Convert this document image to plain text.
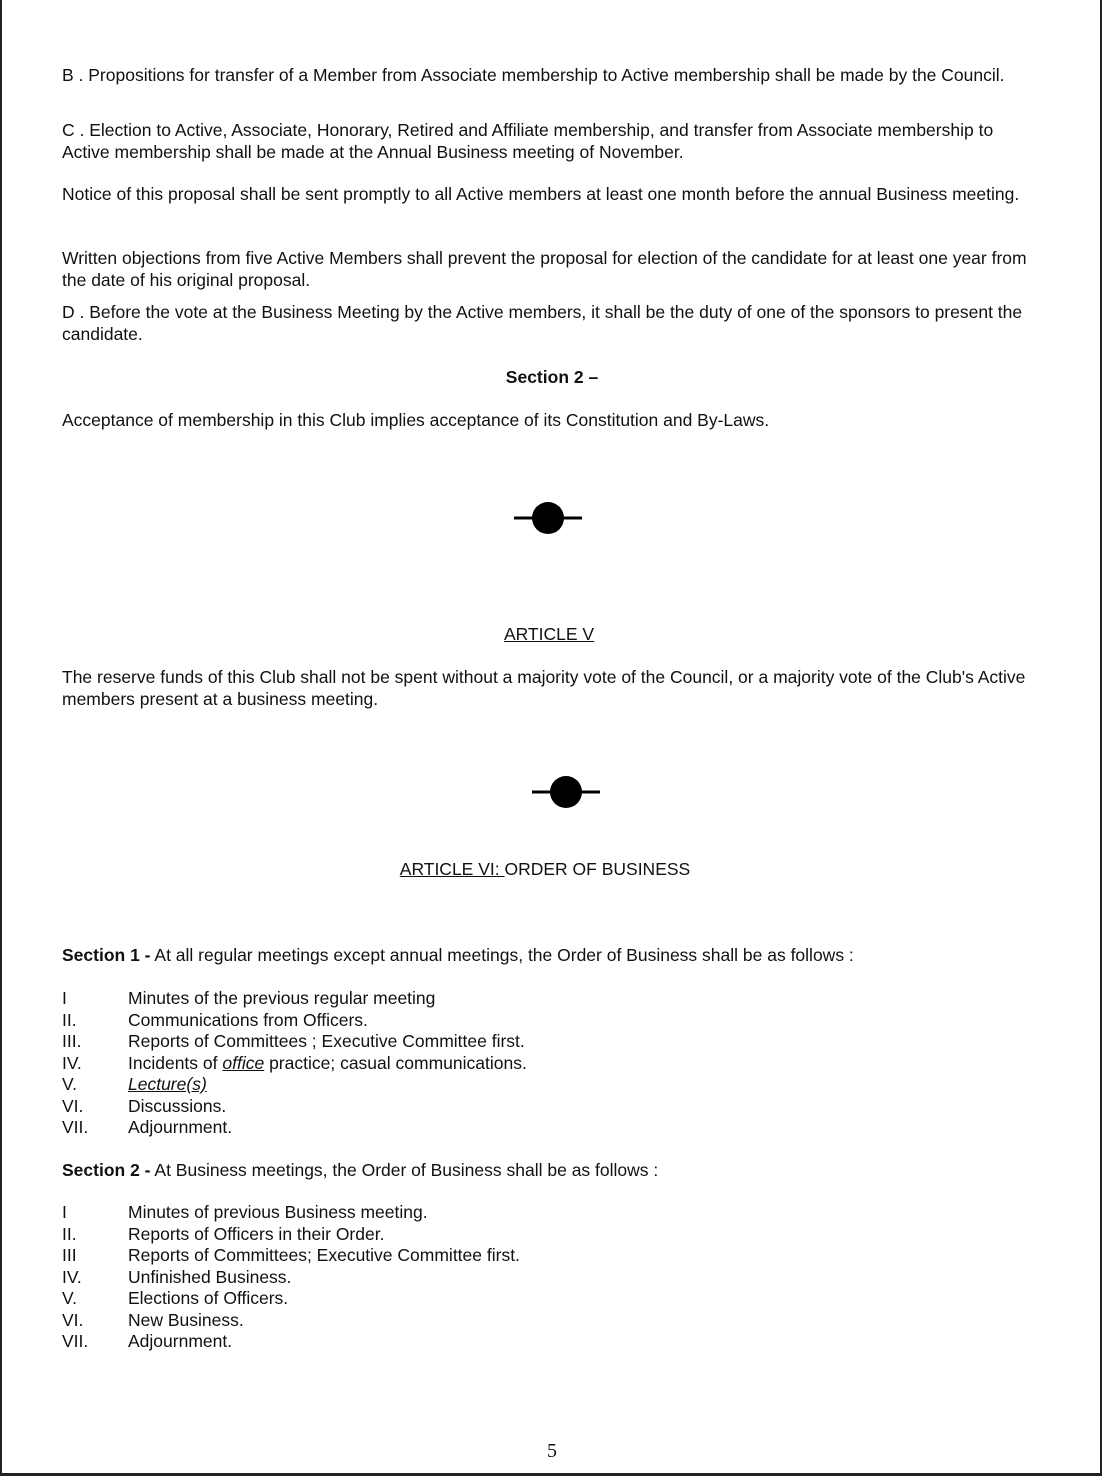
B . Propositions for transfer of a Member from Associate membership to Active membership shall be made by the Council.

C . Election to Active, Associate, Honorary, Retired and Affiliate membership, and transfer from Associate membership to Active membership shall be made at the Annual Business meeting of November.

Notice of this proposal shall be sent promptly to all Active members at least one month before the annual Business meeting.

Written objections from five Active Members shall prevent the proposal for election of the candidate for at least one year from the date of his original proposal.

D . Before the vote at the Business Meeting by the Active members, it shall be the duty of one of the sponsors to present the candidate.

Section 2 –

Acceptance of membership in this Club implies acceptance of its Constitution and By-Laws.

ARTICLE V

The reserve funds of this Club shall not be spent without a majority vote of the Council, or a majority vote of the Club's Active members present at a business meeting.

ARTICLE VI: ORDER OF BUSINESS

Section 1 - At all regular meetings except annual meetings, the Order of Business shall be as follows :

I	Minutes of the previous regular meeting
II.	Communications from Officers.
III.	Reports of Committees ; Executive Committee first.
IV.	Incidents of office practice; casual communications.
V.	Lecture(s)
VI.	Discussions.
VII. Adjournment.

Section 2 - At Business meetings, the Order of Business shall be as follows :

I	Minutes of previous Business meeting.
II.	Reports of Officers in their Order.
III	Reports of Committees; Executive Committee first.
IV.	Unfinished Business.
V.	Elections of Officers.
VI.	New Business.
VII. Adjournment.
5
